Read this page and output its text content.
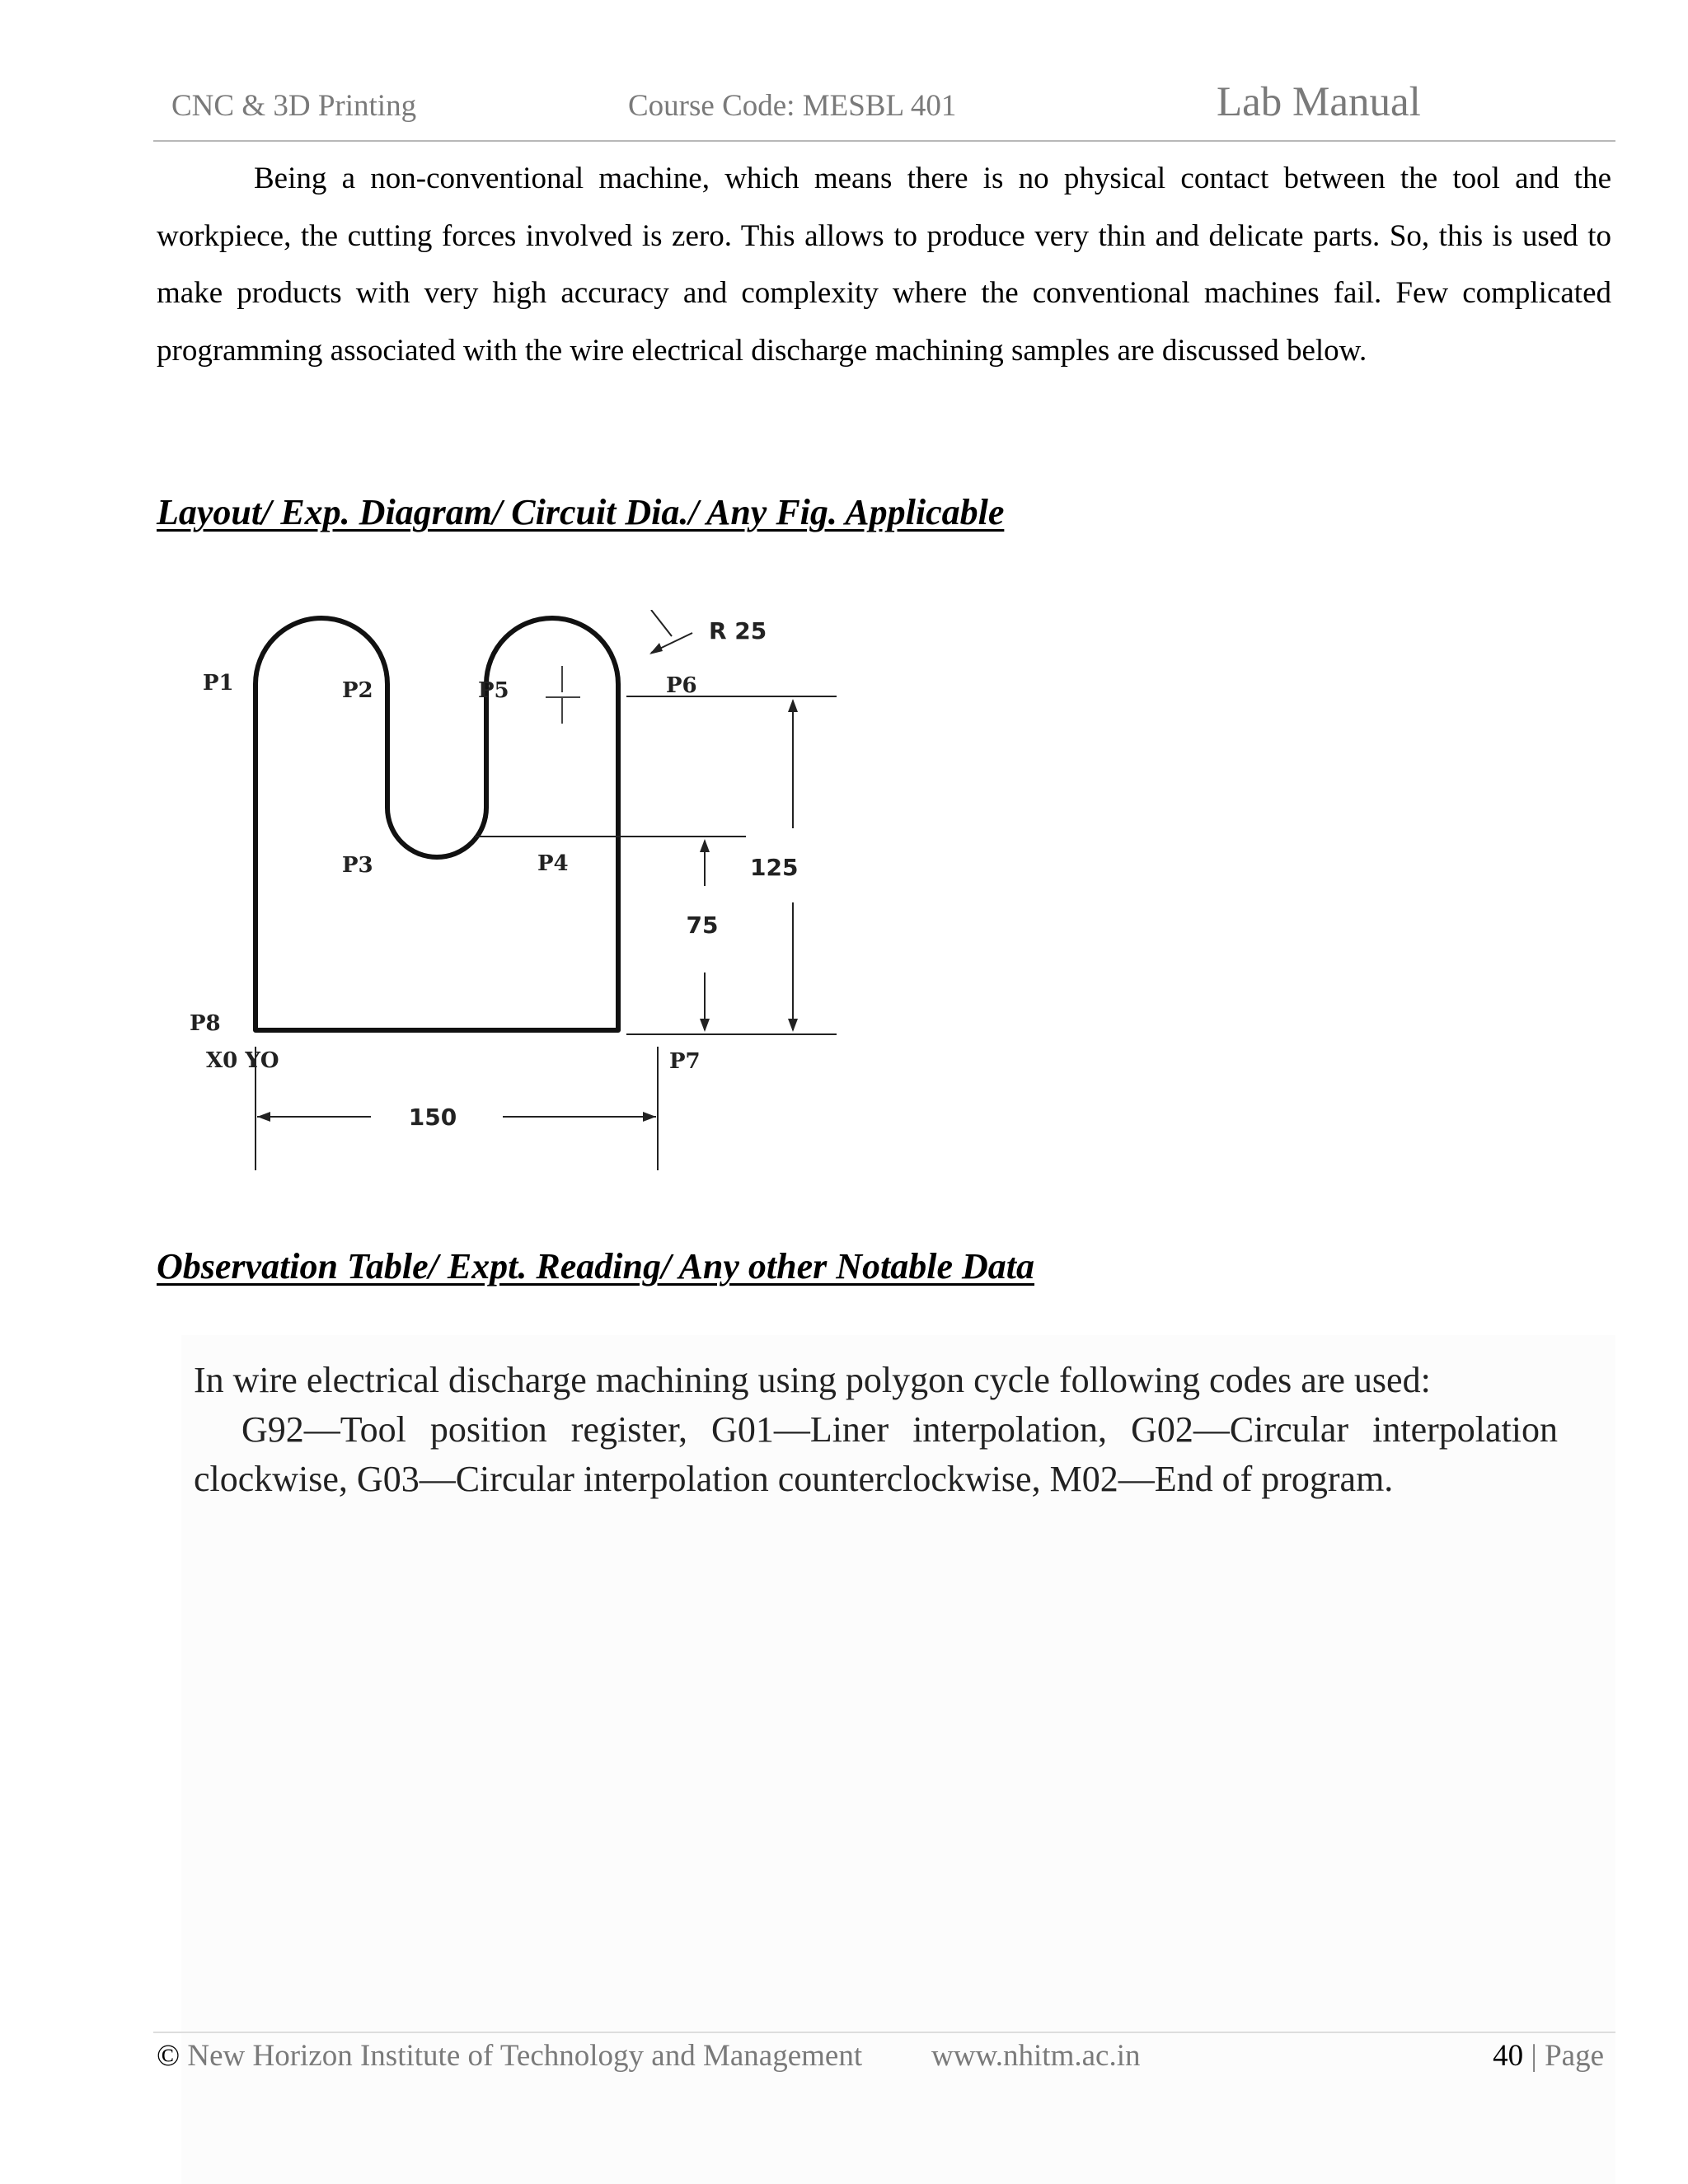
CNC & 3D Printing	Course Code: MESBL 401	Lab Manual
Being a non-conventional machine, which means there is no physical contact between the tool and the workpiece, the cutting forces involved is zero. This allows to produce very thin and delicate parts. So, this is used to make products with very high accuracy and complexity where the conventional machines fail. Few complicated programming associated with the wire electrical discharge machining samples are discussed below.
Layout/ Exp. Diagram/ Circuit Dia./ Any Fig. Applicable
P1	P2
P3	P4
P5	P6
P7
P8
X0 YO
R 25
125
75
150
Observation Table/ Expt. Reading/ Any other Notable Data

In wire electrical discharge machining using polygon cycle following codes are used:

G92—Tool position register, G01—Liner interpolation, G02—Circular interpolation clockwise, G03—Circular interpolation counterclockwise, M02—End of program.

© New Horizon Institute of Technology and Management www.nhitm.ac.in	40 | Page
